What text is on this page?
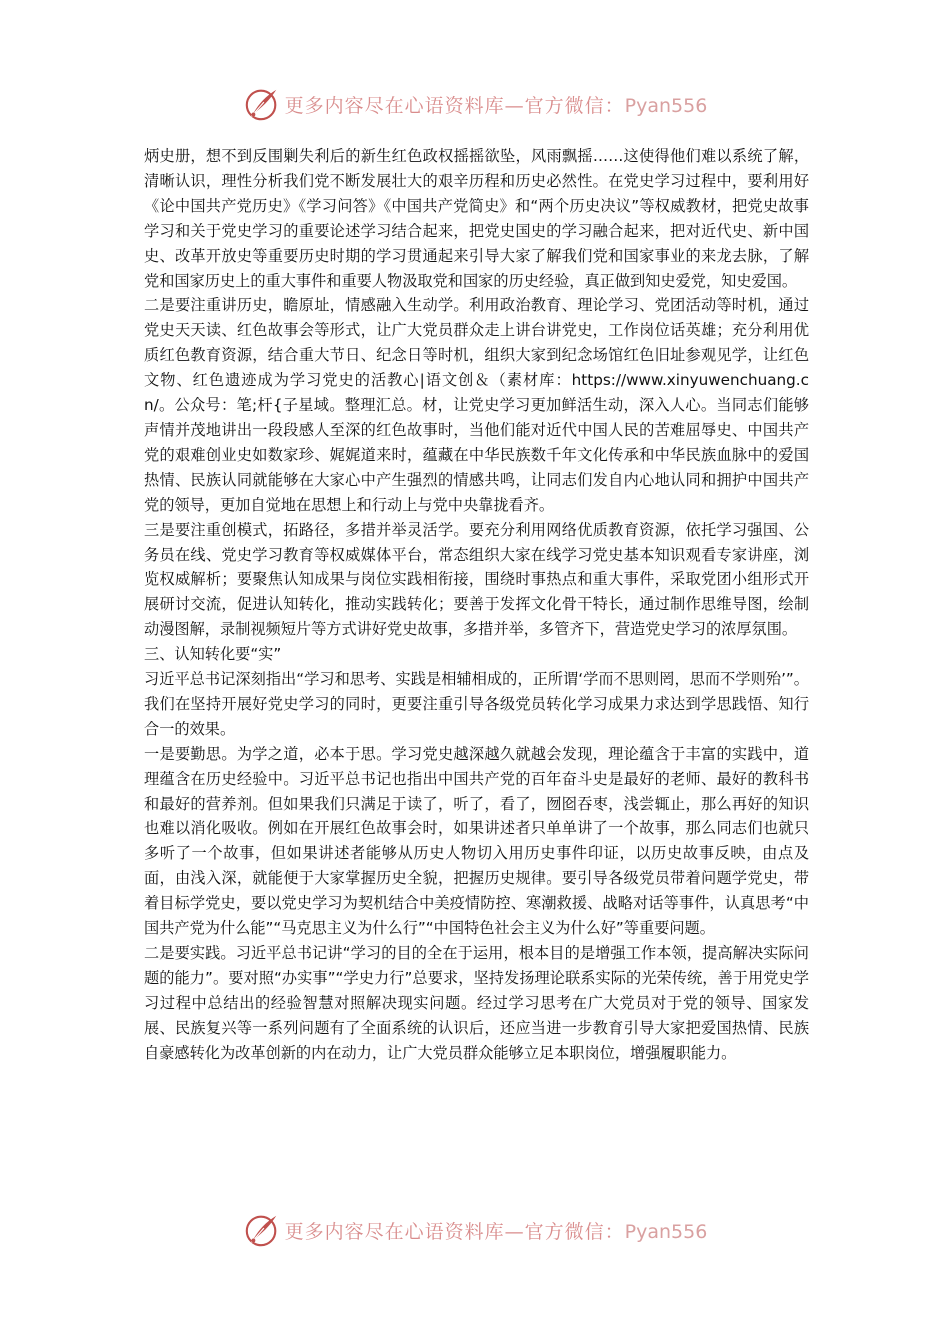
更多内容尽在心语资料库—官方微信：Pyan556

炳史册，想不到反围剿失利后的新生红色政权摇摇欲坠，风雨飘摇……这使得他们难以系统了解，清晰认识，理性分析我们党不断发展壮大的艰辛历程和历史必然性。在党史学习过程中，要利用好《论中国共产党历史》《学习问答》《中国共产党简史》和“两个历史决议”等权威教材，把党史故事学习和关于党史学习的重要论述学习结合起来，把党史国史的学习融合起来，把对近代史、新中国史、改革开放史等重要历史时期的学习贯通起来引导大家了解我们党和国家事业的来龙去脉，了解党和国家历史上的重大事件和重要人物汲取党和国家的历史经验，真正做到知史爱党，知史爱国。

二是要注重讲历史，瞻原址，情感融入生动学。利用政治教育、理论学习、党团活动等时机，通过党史天天读、红色故事会等形式，让广大党员群众走上讲台讲党史，工作岗位话英雄；充分利用优质红色教育资源，结合重大节日、纪念日等时机，组织大家到纪念场馆红色旧址参观见学，让红色文物、红色遗迹成为学习党史的活教心|语文创＆（素材库：https://www.xinyuwenchuang.cn/。公众号：笔;杆{子星域。整理汇总。材，让党史学习更加鲜活生动，深入人心。当同志们能够声情并茂地讲出一段段感人至深的红色故事时，当他们能对近代中国人民的苦难屈辱史、中国共产党的艰难创业史如数家珍、娓娓道来时，蕴藏在中华民族数千年文化传承和中华民族血脉中的爱国热情、民族认同就能够在大家心中产生强烈的情感共鸣，让同志们发自内心地认同和拥护中国共产党的领导，更加自觉地在思想上和行动上与党中央靠拢看齐。

三是要注重创模式，拓路径，多措并举灵活学。要充分利用网络优质教育资源，依托学习强国、公务员在线、党史学习教育等权威媒体平台，常态组织大家在线学习党史基本知识观看专家讲座，浏览权威解析；要聚焦认知成果与岗位实践相衔接，围绕时事热点和重大事件，采取党团小组形式开展研讨交流，促进认知转化，推动实践转化；要善于发挥文化骨干特长，通过制作思维导图，绘制动漫图解，录制视频短片等方式讲好党史故事，多措并举，多管齐下，营造党史学习的浓厚氛围。

三、认知转化要“实”

习近平总书记深刻指出“学习和思考、实践是相辅相成的，正所谓‘学而不思则罔，思而不学则殆’”。我们在坚持开展好党史学习的同时，更要注重引导各级党员转化学习成果力求达到学思践悟、知行合一的效果。

一是要勤思。为学之道，必本于思。学习党史越深越久就越会发现，理论蕴含于丰富的实践中，道理蕴含在历史经验中。习近平总书记也指出中国共产党的百年奋斗史是最好的老师、最好的教科书和最好的营养剂。但如果我们只满足于读了，听了，看了，囫囵吞枣，浅尝辄止，那么再好的知识也难以消化吸收。例如在开展红色故事会时，如果讲述者只单单讲了一个故事，那么同志们也就只多听了一个故事，但如果讲述者能够从历史人物切入用历史事件印证，以历史故事反映，由点及面，由浅入深，就能便于大家掌握历史全貌，把握历史规律。要引导各级党员带着问题学党史，带着目标学党史，要以党史学习为契机结合中美疫情防控、寒潮救援、战略对话等事件，认真思考“中国共产党为什么能”“马克思主义为什么行”“中国特色社会主义为什么好”等重要问题。

二是要实践。习近平总书记讲“学习的目的全在于运用，根本目的是增强工作本领，提高解决实际问题的能力”。要对照“办实事”“学史力行”总要求，坚持发扬理论联系实际的光荣传统，善于用党史学习过程中总结出的经验智慧对照解决现实问题。经过学习思考在广大党员对于党的领导、国家发展、民族复兴等一系列问题有了全面系统的认识后，还应当进一步教育引导大家把爱国热情、民族自豪感转化为改革创新的内在动力，让广大党员群众能够立足本职岗位，增强履职能力。

更多内容尽在心语资料库—官方微信：Pyan556
